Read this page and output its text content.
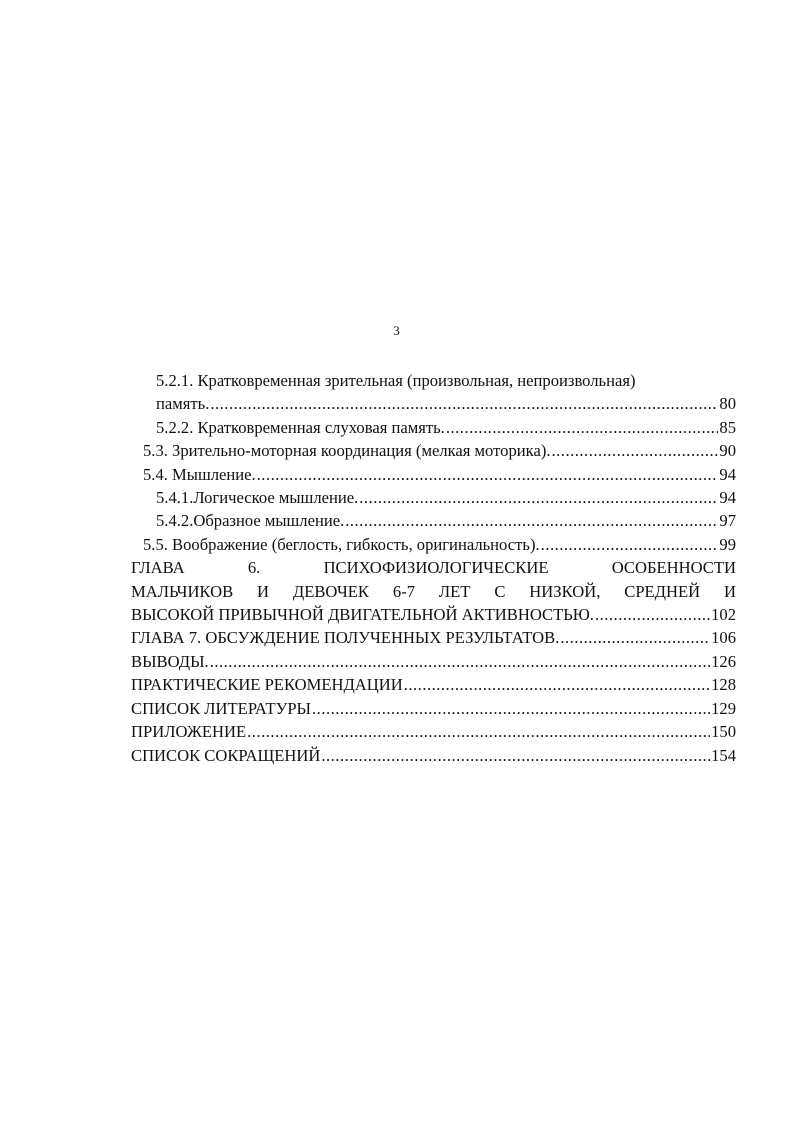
3
5.2.1. Кратковременная зрительная (произвольная, непроизвольная)
память. .....	80
5.2.2. Кратковременная слуховая память. .....	85
5.3. Зрительно-моторная координация (мелкая моторика). .....	90
5.4. Мышление. .....	94
5.4.1. Логическое мышление. .....	94
5.4.2. Образное мышление. .....	97
5.5. Воображение (беглость, гибкость, оригинальность). .....	99
ГЛАВА	6.	ПСИХОФИЗИОЛОГИЧЕСКИЕ	ОСОБЕННОСТИ
МАЛЬЧИКОВ И ДЕВОЧЕК 6-7 ЛЕТ С НИЗКОЙ, СРЕДНЕЙ И
ВЫСОКОЙ ПРИВЫЧНОЙ ДВИГАТЕЛЬНОЙ АКТИВНОСТЬЮ. .....	102
ГЛАВА 7. ОБСУЖДЕНИЕ ПОЛУЧЕННЫХ РЕЗУЛЬТАТОВ. .....	106
ВЫВОДЫ. .....	126
ПРАКТИЧЕСКИЕ РЕКОМЕНДАЦИИ .....	128
СПИСОК ЛИТЕРАТУРЫ .....	129
ПРИЛОЖЕНИЕ .....	150
СПИСОК СОКРАЩЕНИЙ .....	154
